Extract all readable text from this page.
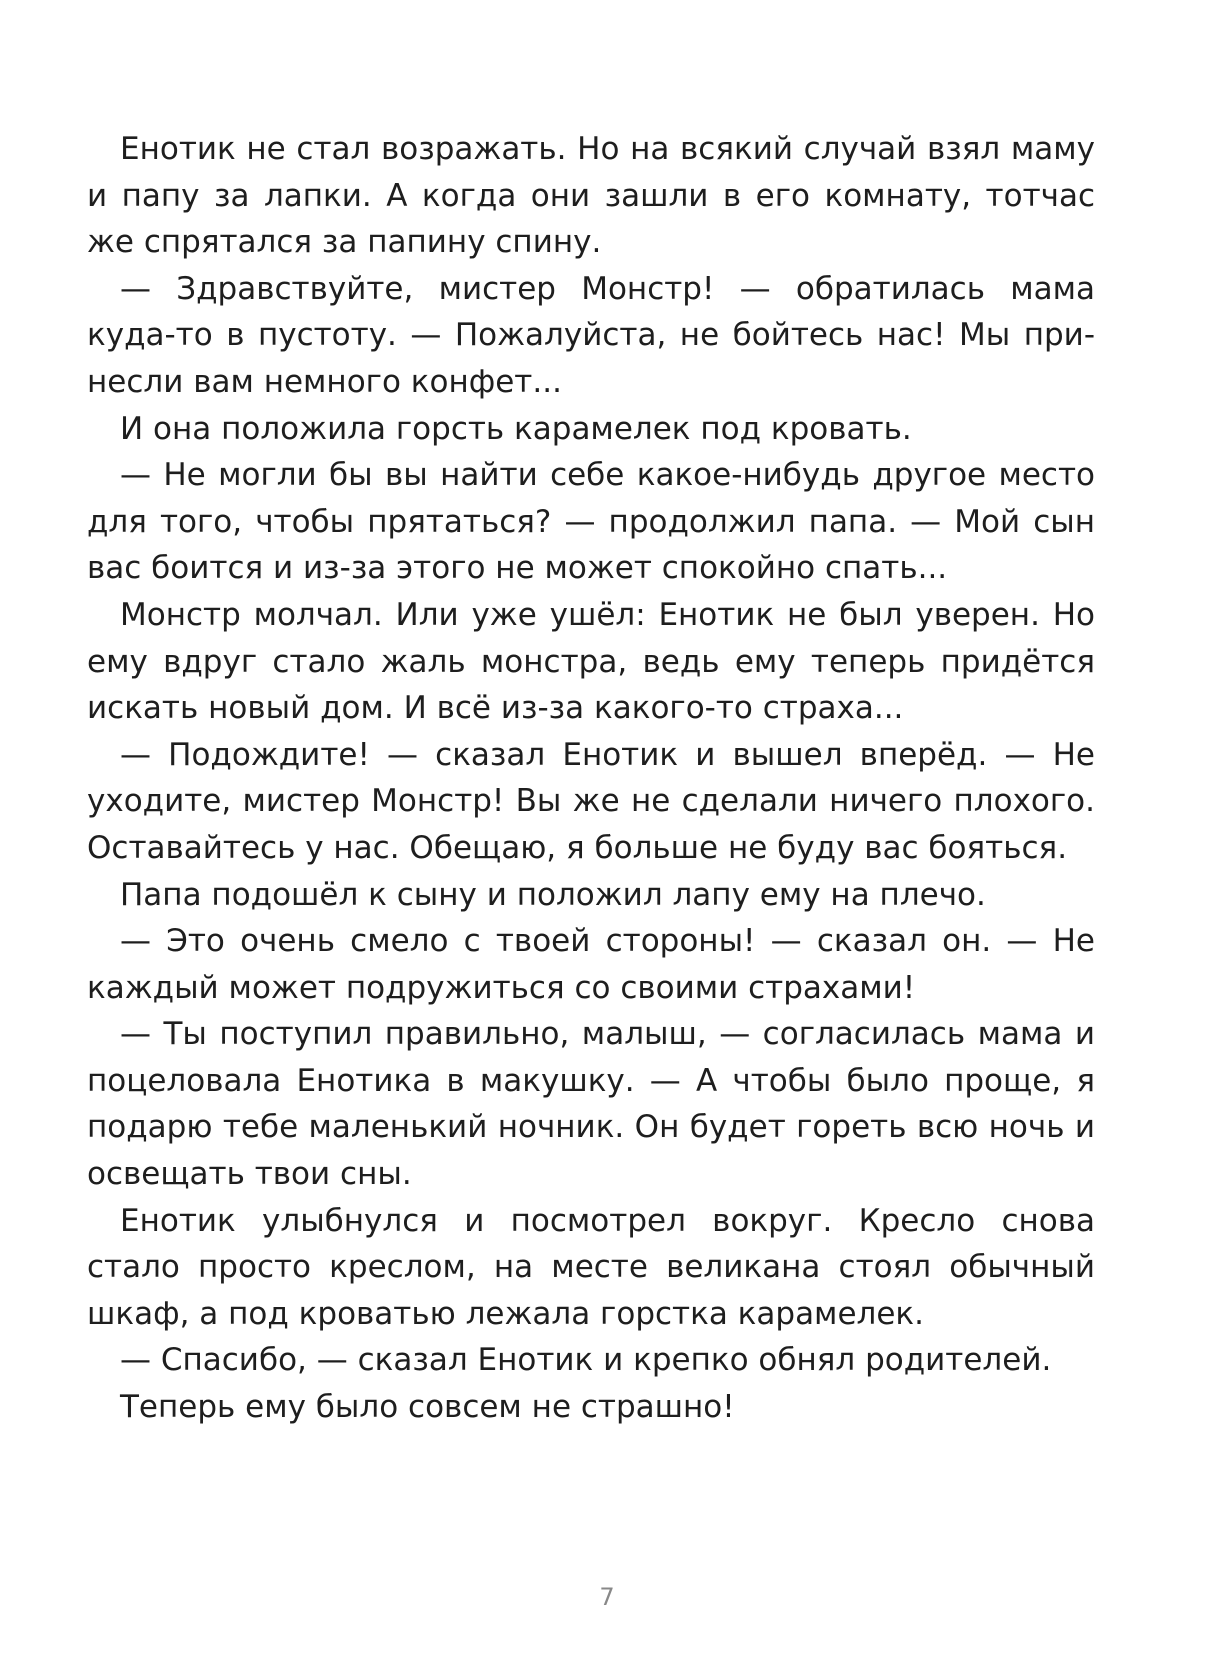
Енотик не стал возражать. Но на всякий случай взял маму и папу за лапки. А когда они зашли в его комнату, тотчас же спрятался за папину спину.

— Здравствуйте, мистер Монстр! — обратилась мама куда-то в пустоту. — Пожалуйста, не бойтесь нас! Мы принесли вам немного конфет...

И она положила горсть карамелек под кровать.

— Не могли бы вы найти себе какое-нибудь другое место для того, чтобы прятаться? — продолжил папа. — Мой сын вас боится и из-за этого не может спокойно спать...

Монстр молчал. Или уже ушёл: Енотик не был уверен. Но ему вдруг стало жаль монстра, ведь ему теперь придётся искать новый дом. И всё из-за какого-то страха...

— Подождите! — сказал Енотик и вышел вперёд. — Не уходите, мистер Монстр! Вы же не сделали ничего плохого. Оставайтесь у нас. Обещаю, я больше не буду вас бояться.

Папа подошёл к сыну и положил лапу ему на плечо.

— Это очень смело с твоей стороны! — сказал он. — Не каждый может подружиться со своими страхами!

— Ты поступил правильно, малыш, — согласилась мама и поцеловала Енотика в макушку. — А чтобы было проще, я подарю тебе маленький ночник. Он будет гореть всю ночь и освещать твои сны.

Енотик улыбнулся и посмотрел вокруг. Кресло снова стало просто креслом, на месте великана стоял обычный шкаф, а под кроватью лежала горстка карамелек.

— Спасибо, — сказал Енотик и крепко обнял родителей.

Теперь ему было совсем не страшно!

7
